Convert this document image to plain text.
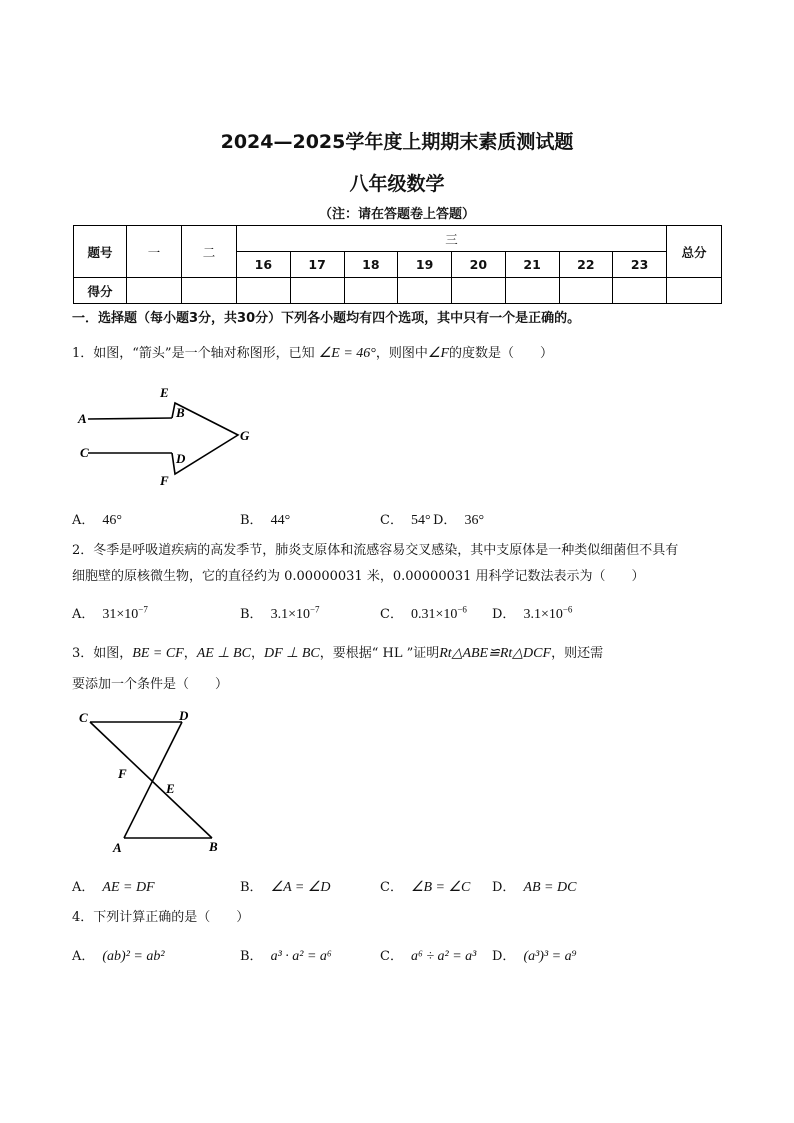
2024—2025学年度上期期末素质测试题
八年级数学
（注：请在答题卷上答题）
题号	一	二	三								总分
			16	17	18	19	20	21	22	23	
得分											
一．选择题（每小题3分，共30分）下列各小题均有四个选项，其中只有一个是正确的。
1．如图，“箭头”是一个轴对称图形，已知 ∠E = 46°，则图中∠F的度数是（　　）
A
E
B
G
C	D
F
A． 46°	B． 44°	C． 54° D． 36°
2．冬季是呼吸道疾病的高发季节，肺炎支原体和流感容易交叉感染，其中支原体是一种类似细菌但不具有
细胞壁的原核微生物，它的直径约为 0.00000031 米，0.00000031 用科学记数法表示为（　　）
A． $31\times 10^{-7}$	B． $3.1\times 10^{-7}$	C． $0.31\times 10^{-6}$ D． $3.1\times 10^{-6}$
3．如图，BE = CF，AE ⊥ BC，DF ⊥ BC，要根据“ HL ”证明Rt△ABE≌Rt△DCF，则还需
要添加一个条件是（　　）
C	D
F
E
A	B
A． AE = DF	B． ∠A = ∠D	C． ∠B = ∠C D． AB = DC
4．下列计算正确的是（　　）
A． (ab)² = ab²	B． a³ · a² = a⁶	C． a⁶ ÷ a² = a³ D． (a³)³ = a⁹
